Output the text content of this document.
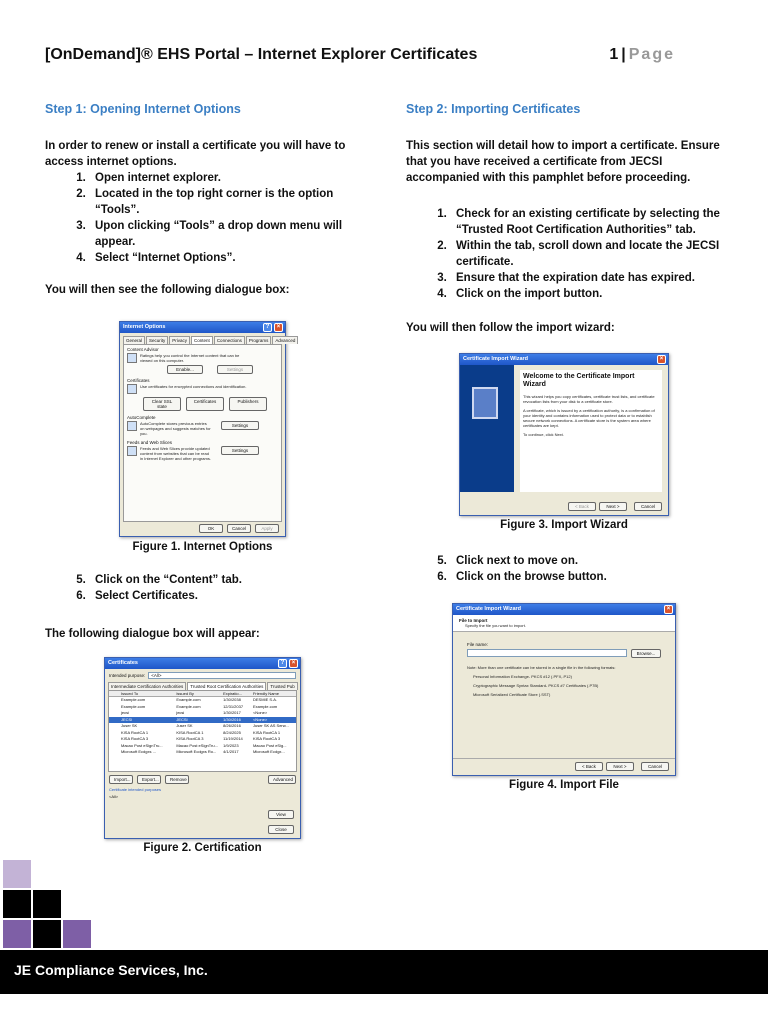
[OnDemand]® EHS Portal – Internet Explorer Certificates	1 | Page
Step 1: Opening Internet Options

In order to renew or install a certificate you will have to access internet options.

1. Open internet explorer.
2. Located in the top right corner is the option “Tools”.
3. Upon clicking “Tools” a drop down menu will appear.
4. Select “Internet Options”.

You will then see the following dialogue box:

Internet Options	?	×
General	Security	Privacy	Content	Connections	Programs	Advanced
Content Advisor
Ratings help you control the Internet content that can be viewed on this computer.
Enable...	Settings
Certificates
Use certificates for encrypted connections and identification.
Clear SSL state
Certificates	Publishers
AutoComplete
AutoComplete stores previous entries on webpages and suggests matches for you.
Settings
Feeds and Web Slices
Feeds and Web Slices provide updated content from websites that can be read in Internet Explorer and other programs.
Settings
OK	Cancel	Apply
Figure 1. Internet Options
5. Click on the “Content” tab.
6. Select Certificates.

The following dialogue box will appear:

Certificates	?	×
Intended purpose:	<All>
Intermediate Certification Authorities	Trusted Root Certification Authorities	Trusted Pub
Issued To	Issued By	Expiratio...	Friendly Name
Example.com	Example.com	1/30/2038	DESMIE S.A.
Example.com	Example.com	12/31/2037	Example.com
jecsi	jecsi	1/30/2017	<None>
JECSI	JECSI	1/30/2016	<None>
Juser SK	Juser SK	8/26/2016	Juser SK AS Serw...
KISA RootCA 1	KISA RootCA 1	8/24/2025	KISA RootCA 1
KISA RootCA 3	KISA RootCA 3	11/19/2014	KISA RootCA 3
Macao Post eSignTru...	Macao Post eSignTru...	1/9/2023	Macao Post eSig...
Microsoft Ecdgxs ...	Microsoft Ecdgxs Ro...	4/1/2017	Microsoft Ecdgx...
Import...	Export...	Remove	Advanced
Certificate intended purposes
<All>
View
Close
Figure 2. Certification
Step 2: Importing Certificates

This section will detail how to import a certificate. Ensure that you have received a certificate from JECSI accompanied with this pamphlet before proceeding.

1. Check for an existing certificate by selecting the “Trusted Root Certification Authorities” tab.
2. Within the tab, scroll down and locate the JECSI certificate.
3. Ensure that the expiration date has expired.
4. Click on the import button.

You will then follow the import wizard:

Certificate Import Wizard	×
Welcome to the Certificate Import Wizard
This wizard helps you copy certificates, certificate trust lists, and certificate revocation lists from your disk to a certificate store.
A certificate, which is issued by a certification authority, is a confirmation of your identity and contains information used to protect data or to establish secure network connections. A certificate store is the system area where certificates are kept.
To continue, click Next.
< Back	Next >	Cancel
Figure 3. Import Wizard
5. Click next to move on.
6. Click on the browse button.
Certificate Import Wizard	×
File to Import
Specify the file you want to import.
File name:
Browse...
Note: More than one certificate can be stored in a single file in the following formats:
Personal Information Exchange- PKCS #12 (.PFX,.P12)
Cryptographic Message Syntax Standard- PKCS #7 Certificates (.P7B)
Microsoft Serialized Certificate Store (.SST)
< Back	Next >	Cancel
Figure 4. Import File
JE Compliance Services, Inc.
